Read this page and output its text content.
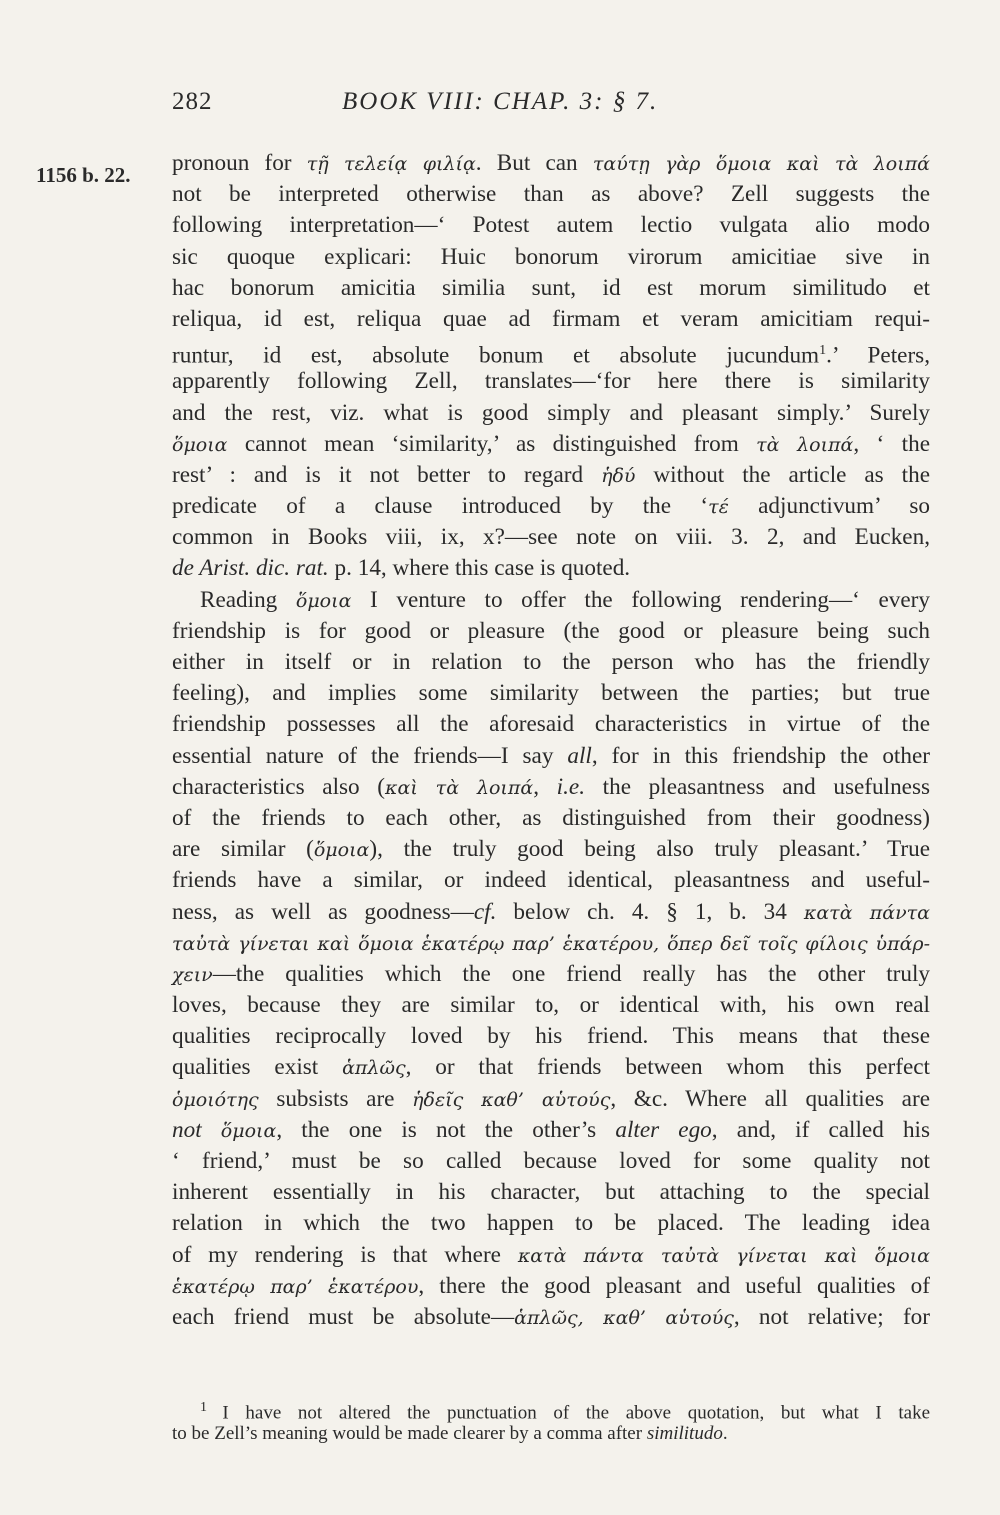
282	BOOK VIII: CHAP. 3: § 7.
1156 b. 22. pronoun for τῇ τελείᾳ φιλίᾳ. But can ταύτῃ γὰρ ὅμοια καὶ τὰ λοιπά
not be interpreted otherwise than as above? Zell suggests the
following interpretation—‘ Potest autem lectio vulgata alio modo
sic quoque explicari: Huic bonorum virorum amicitiae sive in
hac bonorum amicitia similia sunt, id est morum similitudo et
reliqua, id est, reliqua quae ad firmam et veram amicitiam requi-
runtur, id est, absolute bonum et absolute jucundum$^1$.’ Peters,
apparently following Zell, translates—‘for here there is similarity
and the rest, viz. what is good simply and pleasant simply.’ Surely
ὅμοια cannot mean ‘similarity,’ as distinguished from τὰ λοιπά, ‘ the
rest’ : and is it not better to regard ἡδύ without the article as the
predicate of a clause introduced by the ‘τέ adjunctivum’ so
common in Books viii, ix, x?—see note on viii. 3. 2, and Eucken,
de Arist. dic. rat. p. 14, where this case is quoted.
Reading ὅμοια I venture to offer the following rendering—‘ every
friendship is for good or pleasure (the good or pleasure being such
either in itself or in relation to the person who has the friendly
feeling), and implies some similarity between the parties; but true
friendship possesses all the aforesaid characteristics in virtue of the
essential nature of the friends—I say all, for in this friendship the other
characteristics also (καὶ τὰ λοιπά, i.e. the pleasantness and usefulness
of the friends to each other, as distinguished from their goodness)
are similar (ὅμοια), the truly good being also truly pleasant.’ True
friends have a similar, or indeed identical, pleasantness and useful-
ness, as well as goodness—cf. below ch. 4. § 1, b. 34 κατὰ πάντα
ταὐτὰ γίνεται καὶ ὅμοια ἑκατέρῳ παρ’ ἑκατέρου, ὅπερ δεῖ τοῖς φίλοις ὑπάρ-
χειν—the qualities which the one friend really has the other truly
loves, because they are similar to, or identical with, his own real
qualities reciprocally loved by his friend. This means that these
qualities exist ἁπλῶς, or that friends between whom this perfect
ὁμοιότης subsists are ἡδεῖς καθ’ αὑτούς, &c. Where all qualities are
not ὅμοια, the one is not the other’s alter ego, and, if called his
‘ friend,’ must be so called because loved for some quality not
inherent essentially in his character, but attaching to the special
relation in which the two happen to be placed. The leading idea
of my rendering is that where κατὰ πάντα ταὐτὰ γίνεται καὶ ὅμοια
ἑκατέρῳ παρ’ ἑκατέρου, there the good pleasant and useful qualities of
each friend must be absolute—ἁπλῶς, καθ’ αὑτούς, not relative; for
$^1$ I have not altered the punctuation of the above quotation, but what I take
to be Zell’s meaning would be made clearer by a comma after similitudo.
